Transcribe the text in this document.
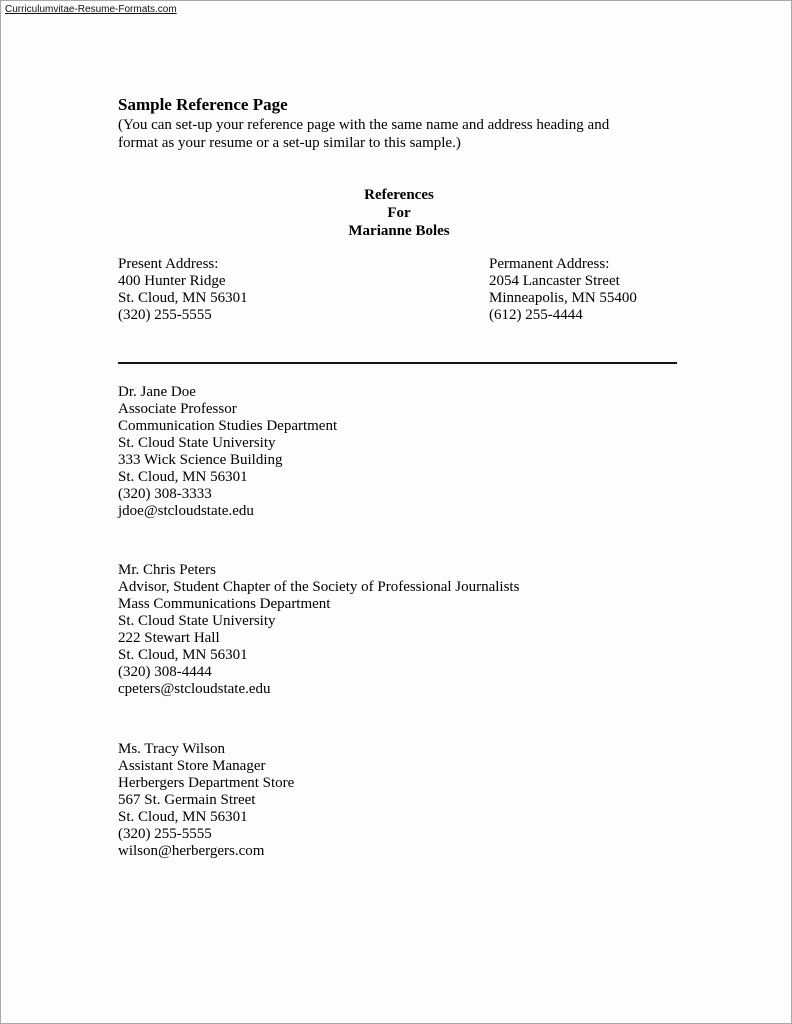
Curriculumvitae-Resume-Formats.com
Sample Reference Page
(You can set-up your reference page with the same name and address heading and
format as your resume or a set-up similar to this sample.)
References
For
Marianne Boles
Present Address:
400 Hunter Ridge
St. Cloud, MN 56301
(320) 255-5555
Permanent Address:
2054 Lancaster Street
Minneapolis, MN 55400
(612) 255-4444
Dr. Jane Doe
Associate Professor
Communication Studies Department
St. Cloud State University
333 Wick Science Building
St. Cloud, MN 56301
(320) 308-3333
jdoe@stcloudstate.edu
Mr. Chris Peters
Advisor, Student Chapter of the Society of Professional Journalists
Mass Communications Department
St. Cloud State University
222 Stewart Hall
St. Cloud, MN 56301
(320) 308-4444
cpeters@stcloudstate.edu
Ms. Tracy Wilson
Assistant Store Manager
Herbergers Department Store
567 St. Germain Street
St. Cloud, MN 56301
(320) 255-5555
wilson@herbergers.com
